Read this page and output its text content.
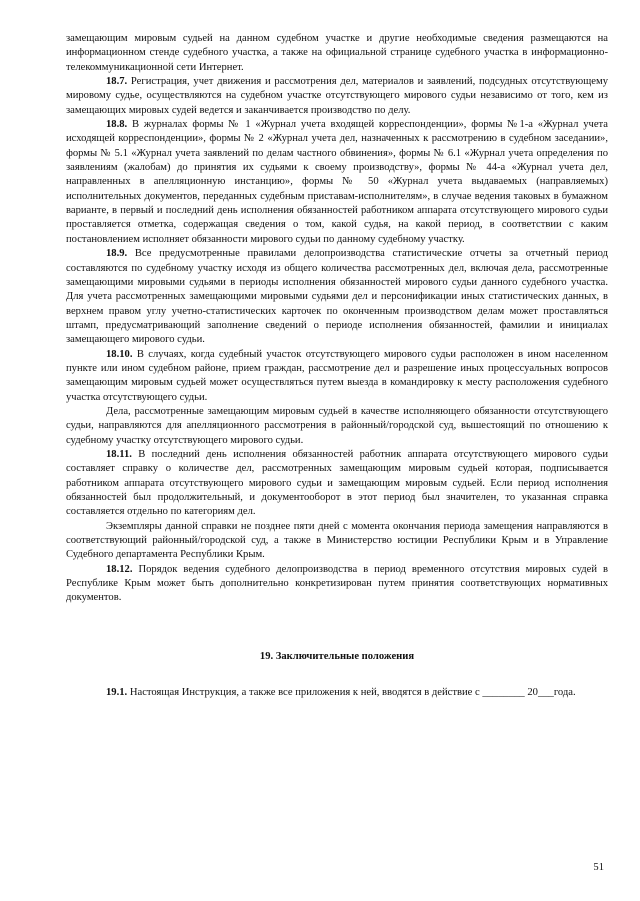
замещающим мировым судьей на данном судебном участке и другие необходимые сведения размещаются на информационном стенде судебного участка, а также на официальной странице судебного участка в информационно-телекоммуникационной сети Интернет.

18.7. Регистрация, учет движения и рассмотрения дел, материалов и заявлений, подсудных отсутствующему мировому судье, осуществляются на судебном участке отсутствующего мирового судьи независимо от того, кем из замещающих мировых судей ведется и заканчивается производство по делу.

18.8. В журналах формы № 1 «Журнал учета входящей корреспонденции», формы №1-а «Журнал учета исходящей корреспонденции», формы № 2 «Журнал учета дел, назначенных к рассмотрению в судебном заседании», формы № 5.1 «Журнал учета заявлений по делам частного обвинения», формы № 6.1 «Журнал учета определения по заявлениям (жалобам) до принятия их судьями к своему производству», формы № 44-а «Журнал учета дел, направленных в апелляционную инстанцию», формы № 50 «Журнал учета выдаваемых (направляемых) исполнительных документов, переданных судебным приставам-исполнителям», в случае ведения таковых в бумажном варианте, в первый и последний день исполнения обязанностей работником аппарата отсутствующего мирового судьи проставляется отметка, содержащая сведения о том, какой судья, на какой период, в соответствии с каким постановлением исполняет обязанности мирового судьи по данному судебному участку.

18.9. Все предусмотренные правилами делопроизводства статистические отчеты за отчетный период составляются по судебному участку исходя из общего количества рассмотренных дел, включая дела, рассмотренные замещающими мировыми судьями в периоды исполнения обязанностей мирового судьи данного судебного участка. Для учета рассмотренных замещающими мировыми судьями дел и персонификации иных статистических данных, в верхнем правом углу учетно-статистических карточек по оконченным производством делам может проставляться штамп, предусматривающий заполнение сведений о периоде исполнения обязанностей, фамилии и инициалах замещающего мирового судьи.

18.10. В случаях, когда судебный участок отсутствующего мирового судьи расположен в ином населенном пункте или ином судебном районе, прием граждан, рассмотрение дел и разрешение иных процессуальных вопросов замещающим мировым судьей может осуществляться путем выезда в командировку к месту расположения судебного участка отсутствующего судьи.

Дела, рассмотренные замещающим мировым судьей в качестве исполняющего обязанности отсутствующего судьи, направляются для апелляционного рассмотрения в районный/городской суд, вышестоящий по отношению к судебному участку отсутствующего мирового судьи.

18.11. В последний день исполнения обязанностей работник аппарата отсутствующего мирового судьи составляет справку о количестве дел, рассмотренных замещающим мировым судьей которая, подписывается работником аппарата отсутствующего мирового судьи и замещающим мировым судьей. Если период исполнения обязанностей был продолжительный, и документооборот в этот период был значителен, то указанная справка составляется отдельно по категориям дел.

Экземпляры данной справки не позднее пяти дней с момента окончания периода замещения направляются в соответствующий районный/городской суд, а также в Министерство юстиции Республики Крым и в Управление Судебного департамента Республики Крым.

18.12. Порядок ведения судебного делопроизводства в период временного отсутствия мировых судей в Республике Крым может быть дополнительно конкретизирован путем принятия соответствующих нормативных документов.

19. Заключительные положения

19.1. Настоящая Инструкция, а также все приложения к ней, вводятся в действие с ________ 20___года.

51
